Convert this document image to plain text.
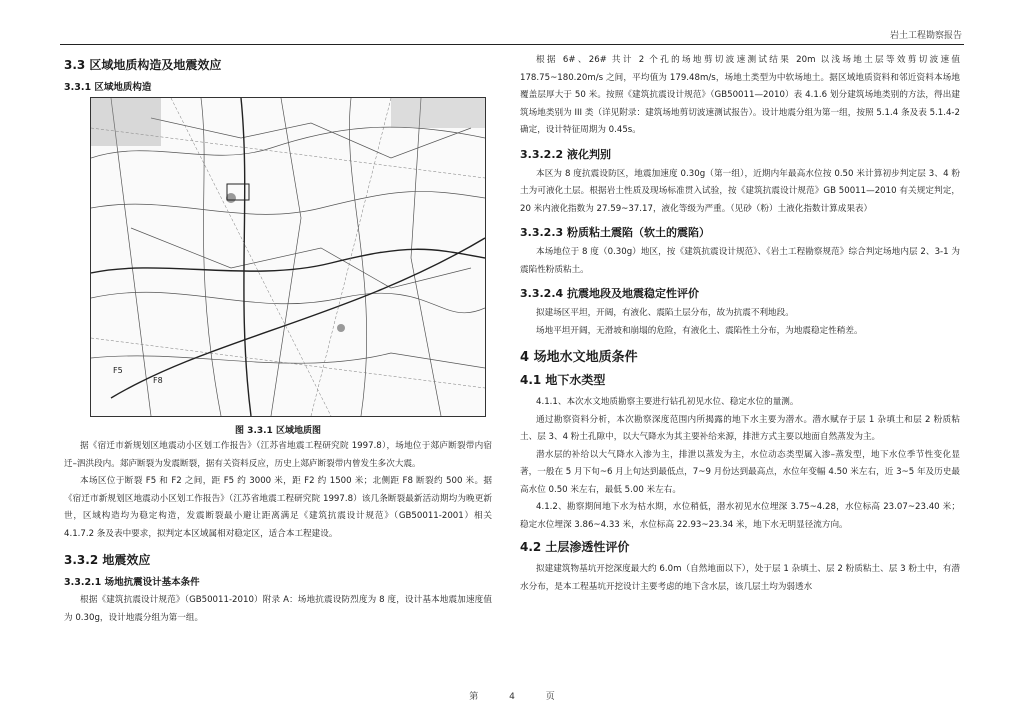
岩土工程勘察报告
3.3 区域地质构造及地震效应
3.3.1 区域地质构造
F5
F8
图 3.3.1 区域地质图

据《宿迁市新规划区地震动小区划工作报告》（江苏省地震工程研究院 1997.8），场地位于郯庐断裂带内宿迁–泗洪段内。郯庐断裂为发震断裂，据有关资料反应，历史上郯庐断裂带内曾发生多次大震。

本场区位于断裂 F5 和 F2 之间，距 F5 约 3000 米，距 F2 约 1500 米；北侧距 F8 断裂约 500 米。据《宿迁市新规划区地震动小区划工作报告》（江苏省地震工程研究院 1997.8）该几条断裂最新活动期均为晚更新世，区域构造均为稳定构造，发震断裂最小避让距离满足《建筑抗震设计规范》（GB50011-2001）相关 4.1.7.2 条及表中要求，拟判定本区域属相对稳定区，适合本工程建设。

3.3.2 地震效应
3.3.2.1 场地抗震设计基本条件

根据《建筑抗震设计规范》（GB50011-2010）附录 A：场地抗震设防烈度为 8 度，设计基本地震加速度值为 0.30g，设计地震分组为第一组。

根据 6#、26# 共计 2 个孔的场地剪切波速测试结果 20m 以浅场地土层等效剪切波速值 178.75~180.20m/s 之间，平均值为 179.48m/s，场地土类型为中软场地土。据区域地质资料和邻近资料本场地覆盖层厚大于 50 米。按照《建筑抗震设计规范》（GB50011—2010）表 4.1.6 划分建筑场地类别的方法，得出建筑场地类别为 III 类（详见附录：建筑场地剪切波速测试报告）。设计地震分组为第一组，按照 5.1.4 条及表 5.1.4-2 确定，设计特征周期为 0.45s。

3.3.2.2 液化判别

本区为 8 度抗震设防区，地震加速度 0.30g（第一组），近期内年最高水位按 0.50 米计算初步判定层 3、4 粉土为可液化土层。根据岩土性质及现场标准贯入试验，按《建筑抗震设计规范》GB 50011—2010 有关规定判定，20 米内液化指数为 27.59~37.17，液化等级为严重。（见砂（粉）土液化指数计算成果表）

3.3.2.3 粉质粘土震陷（软土的震陷）

本场地位于 8 度（0.30g）地区，按《建筑抗震设计规范》、《岩土工程勘察规范》综合判定场地内层 2、3-1 为震陷性粉质粘土。

3.3.2.4 抗震地段及地震稳定性评价

拟建场区平坦，开阔，有液化、震陷土层分布，故为抗震不利地段。

场地平坦开阔，无滑坡和崩塌的危险，有液化土、震陷性土分布，为地震稳定性稍差。

4 场地水文地质条件
4.1 地下水类型

4.1.1、本次水文地质勘察主要进行钻孔初见水位、稳定水位的量测。

通过勘察资料分析，本次勘察深度范围内所揭露的地下水主要为潜水。潜水赋存于层 1 杂填土和层 2 粉质粘土、层 3、4 粉土孔隙中，以大气降水为其主要补给来源，排泄方式主要以地面自然蒸发为主。

潜水层的补给以大气降水入渗为主，排泄以蒸发为主，水位动态类型属入渗–蒸发型，地下水位季节性变化显著，一般在 5 月下旬~6 月上旬达到最低点，7~9 月份达到最高点，水位年变幅 4.50 米左右，近 3~5 年及历史最高水位 0.50 米左右，最低 5.00 米左右。

4.1.2、勘察期间地下水为枯水期，水位稍低，潜水初见水位埋深 3.75~4.28，水位标高 23.07~23.40 米；稳定水位埋深 3.86~4.33 米，水位标高 22.93~23.34 米，地下水无明显径流方向。

4.2 土层渗透性评价

拟建建筑物基坑开挖深度最大约 6.0m（自然地面以下），处于层 1 杂填土、层 2 粉质粘土、层 3 粉土中，有潜水分布，是本工程基坑开挖设计主要考虑的地下含水层，该几层土均为弱透水

第	4	页
